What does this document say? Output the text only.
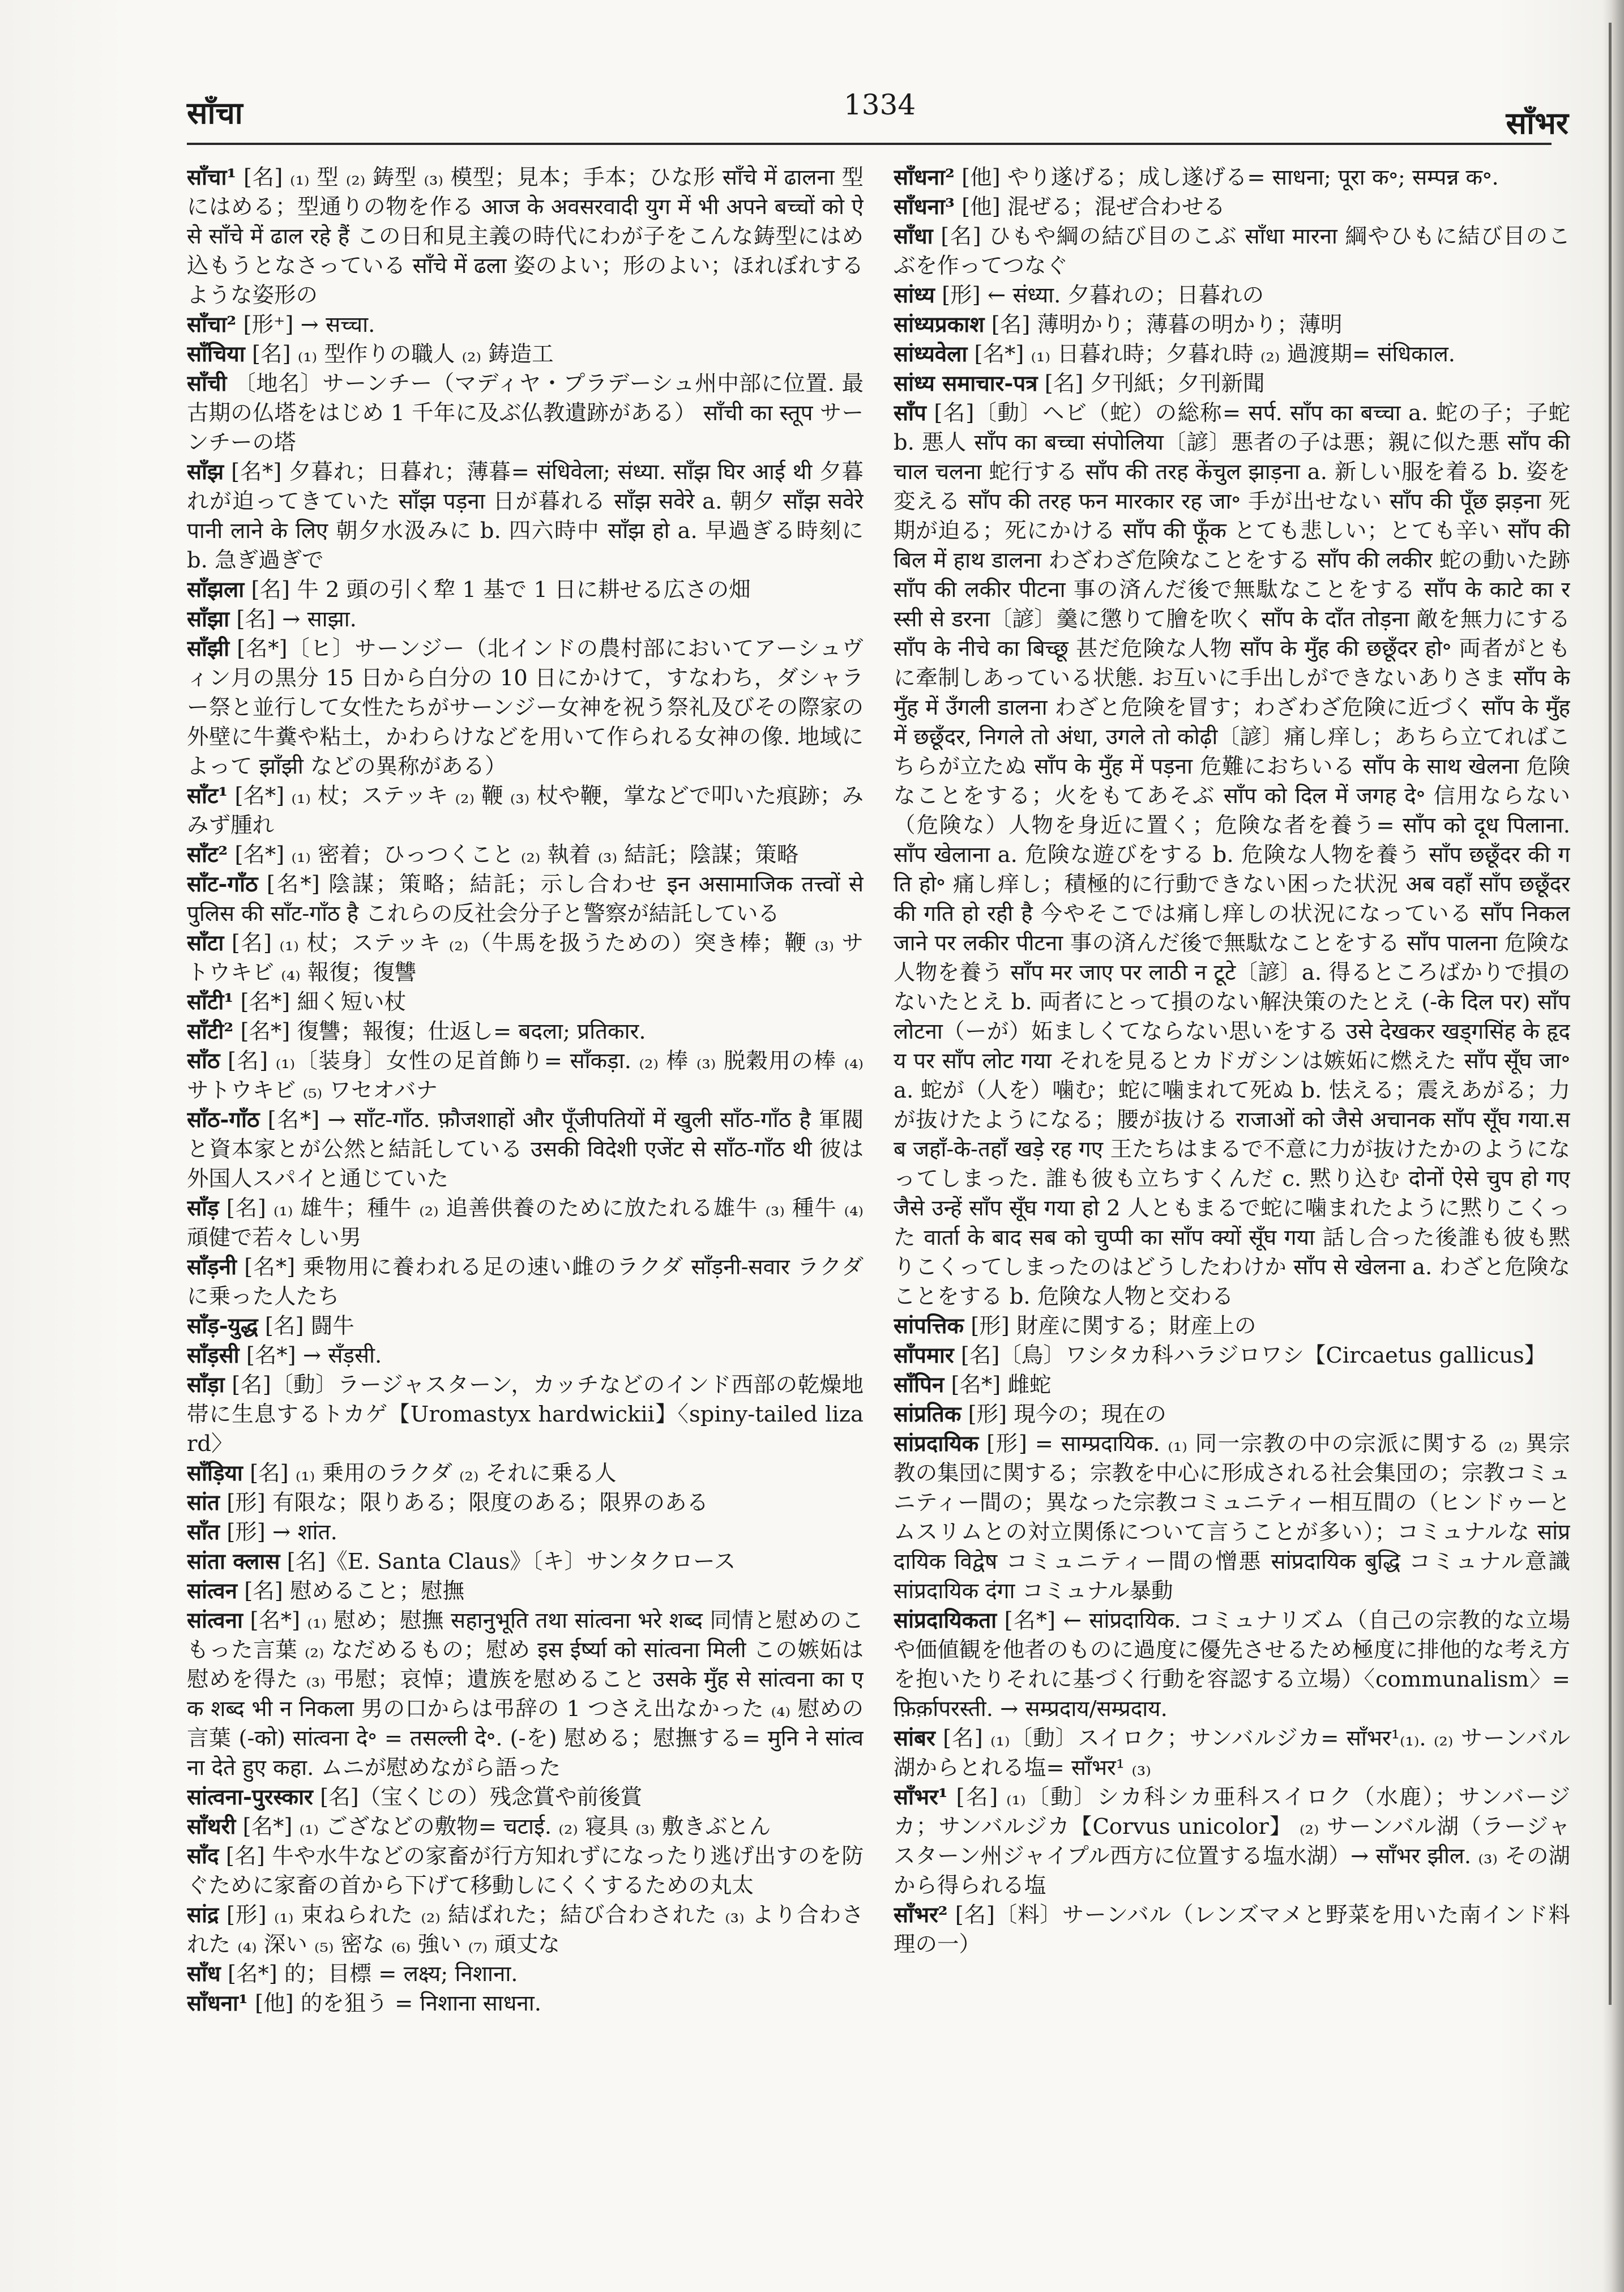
साँचा	1334	साँभर
साँचा¹ [名] ₍₁₎ 型 ₍₂₎ 鋳型 ₍₃₎ 模型；見本；手本；ひな形 साँचे में ढालना 型にはめる；型通りの物を作る आज के अवसरवादी युग में भी अपने बच्चों को ऐसे साँचे में ढाल रहे हैं この日和見主義の時代にわが子をこんな鋳型にはめ込もうとなさっている साँचे में ढला 姿のよい；形のよい；ほれぼれするような姿形の
साँचा² [形⁺] → सच्चा.
साँचिया [名] ₍₁₎ 型作りの職人 ₍₂₎ 鋳造工
साँची 〔地名〕サーンチー（マディヤ・プラデーシュ州中部に位置. 最古期の仏塔をはじめ 1 千年に及ぶ仏教遺跡がある） साँची का स्तूप サーンチーの塔
साँझ [名*] 夕暮れ；日暮れ；薄暮= संधिवेला; संध्या. साँझ घिर आई थी 夕暮れが迫ってきていた साँझ पड़ना 日が暮れる साँझ सवेरे a. 朝夕 साँझ सवेरे पानी लाने के लिए 朝夕水汲みに b. 四六時中 साँझ हो a. 早過ぎる時刻に b. 急ぎ過ぎで
साँझला [名] 牛 2 頭の引く犂 1 基で 1 日に耕せる広さの畑
साँझा [名] → साझा.
साँझी [名*]〔ヒ〕サーンジー（北インドの農村部においてアーシュヴィン月の黒分 15 日から白分の 10 日にかけて，すなわち，ダシャラー祭と並行して女性たちがサーンジー女神を祝う祭礼及びその際家の外壁に牛糞や粘土，かわらけなどを用いて作られる女神の像. 地域によって झाँझी などの異称がある）
साँट¹ [名*] ₍₁₎ 杖；ステッキ ₍₂₎ 鞭 ₍₃₎ 杖や鞭，掌などで叩いた痕跡；みみず腫れ
साँट² [名*] ₍₁₎ 密着；ひっつくこと ₍₂₎ 執着 ₍₃₎ 結託；陰謀；策略
साँट-गाँठ [名*] 陰謀；策略；結託；示し合わせ इन असामाजिक तत्त्वों से पुलिस की साँट-गाँठ है これらの反社会分子と警察が結託している
साँटा [名] ₍₁₎ 杖；ステッキ ₍₂₎（牛馬を扱うための）突き棒；鞭 ₍₃₎ サトウキビ ₍₄₎ 報復；復讐
साँटी¹ [名*] 細く短い杖
साँटी² [名*] 復讐；報復；仕返し= बदला; प्रतिकार.
साँठ [名] ₍₁₎〔装身〕女性の足首飾り= साँकड़ा. ₍₂₎ 棒 ₍₃₎ 脱穀用の棒 ₍₄₎ サトウキビ ₍₅₎ ワセオバナ
साँठ-गाँठ [名*] → साँट-गाँठ. फ़ौजशाहों और पूँजीपतियों में खुली साँठ-गाँठ है 軍閥と資本家とが公然と結託している उसकी विदेशी एजेंट से साँठ-गाँठ थी 彼は外国人スパイと通じていた
साँड़ [名] ₍₁₎ 雄牛；種牛 ₍₂₎ 追善供養のために放たれる雄牛 ₍₃₎ 種牛 ₍₄₎ 頑健で若々しい男
साँड़नी [名*] 乗物用に養われる足の速い雌のラクダ साँड़नी-सवार ラクダに乗った人たち
साँड़-युद्ध [名] 闘牛
साँड़सी [名*] → सँड़सी.
साँड़ा [名]〔動〕ラージャスターン，カッチなどのインド西部の乾燥地帯に生息するトカゲ【Uromastyx hardwickii】〈spiny-tailed lizard〉
साँड़िया [名] ₍₁₎ 乗用のラクダ ₍₂₎ それに乗る人
सांत [形] 有限な；限りある；限度のある；限界のある
साँत [形] → शांत.
सांता क्लास [名]《E. Santa Claus》〔キ〕サンタクロース
सांत्वन [名] 慰めること；慰撫
सांत्वना [名*] ₍₁₎ 慰め；慰撫 सहानुभूति तथा सांत्वना भरे शब्द 同情と慰めのこもった言葉 ₍₂₎ なだめるもの；慰め इस ईर्ष्या को सांत्वना मिली この嫉妬は慰めを得た ₍₃₎ 弔慰；哀悼；遺族を慰めること उसके मुँह से सांत्वना का एक शब्द भी न निकला 男の口からは弔辞の 1 つさえ出なかった ₍₄₎ 慰めの言葉 (-को) सांत्वना दे॰ = तसल्ली दे॰. (-を) 慰める；慰撫する= मुनि ने सांत्वना देते हुए कहा. ムニが慰めながら語った
सांत्वना-पुरस्कार [名]（宝くじの）残念賞や前後賞
साँथरी [名*] ₍₁₎ ござなどの敷物= चटाई. ₍₂₎ 寝具 ₍₃₎ 敷きぶとん
साँद [名] 牛や水牛などの家畜が行方知れずになったり逃げ出すのを防ぐために家畜の首から下げて移動しにくくするための丸太
सांद्र [形] ₍₁₎ 束ねられた ₍₂₎ 結ばれた；結び合わされた ₍₃₎ より合わされた ₍₄₎ 深い ₍₅₎ 密な ₍₆₎ 強い ₍₇₎ 頑丈な
साँध [名*] 的；目標 = लक्ष्य; निशाना.
साँधना¹ [他] 的を狙う = निशाना साधना.
साँधना² [他] やり遂げる；成し遂げる= साधना; पूरा क॰; सम्पन्न क॰.
साँधना³ [他] 混ぜる；混ぜ合わせる
साँधा [名] ひもや綱の結び目のこぶ साँधा मारना 綱やひもに結び目のこぶを作ってつなぐ
सांध्य [形] ← संध्या. 夕暮れの；日暮れの
सांध्यप्रकाश [名] 薄明かり；薄暮の明かり；薄明
सांध्यवेला [名*] ₍₁₎ 日暮れ時；夕暮れ時 ₍₂₎ 過渡期= संधिकाल.
सांध्य समाचार-पत्र [名] 夕刊紙；夕刊新聞
साँप [名]〔動〕ヘビ（蛇）の総称= सर्प. साँप का बच्चा a. 蛇の子；子蛇 b. 悪人 साँप का बच्चा संपोलिया〔諺〕悪者の子は悪；親に似た悪 साँप की चाल चलना 蛇行する साँप की तरह केंचुल झाड़ना a. 新しい服を着る b. 姿を変える साँप की तरह फन मारकार रह जा॰ 手が出せない साँप की पूँछ झड़ना 死期が迫る；死にかける साँप की फूँक とても悲しい；とても辛い साँप की बिल में हाथ डालना わざわざ危険なことをする साँप की लकीर 蛇の動いた跡 साँप की लकीर पीटना 事の済んだ後で無駄なことをする साँप के काटे का रस्सी से डरना〔諺〕羹に懲りて膾を吹く साँप के दाँत तोड़ना 敵を無力にする साँप के नीचे का बिच्छू 甚だ危険な人物 साँप के मुँह की छछूँदर हो॰ 両者がともに牽制しあっている状態. お互いに手出しができないありさま साँप के मुँह में उँगली डालना わざと危険を冒す；わざわざ危険に近づく साँप के मुँह में छछूँदर, निगले तो अंधा, उगले तो कोढ़ी〔諺〕痛し痒し；あちら立てればこちらが立たぬ साँप के मुँह में पड़ना 危難におちいる साँप के साथ खेलना 危険なことをする；火をもてあそぶ साँप को दिल में जगह दे॰ 信用ならない（危険な）人物を身近に置く；危険な者を養う= साँप को दूध पिलाना. साँप खेलाना a. 危険な遊びをする b. 危険な人物を養う साँप छछूँदर की गति हो॰ 痛し痒し；積極的に行動できない困った状況 अब वहाँ साँप छछूँदर की गति हो रही है 今やそこでは痛し痒しの状況になっている साँप निकल जाने पर लकीर पीटना 事の済んだ後で無駄なことをする साँप पालना 危険な人物を養う साँप मर जाए पर लाठी न टूटे〔諺〕a. 得るところばかりで損のないたとえ b. 両者にとって損のない解決策のたとえ (-के दिल पर) साँप लोटना（ーが）妬ましくてならない思いをする उसे देखकर खड्गसिंह के हृदय पर साँप लोट गया それを見るとカドガシンは嫉妬に燃えた साँप सूँघ जा॰ a. 蛇が（人を）噛む；蛇に噛まれて死ぬ b. 怯える；震えあがる；力が抜けたようになる；腰が抜ける राजाओं को जैसे अचानक साँप सूँघ गया.सब जहाँ-के-तहाँ खड़े रह गए 王たちはまるで不意に力が抜けたかのようになってしまった. 誰も彼も立ちすくんだ c. 黙り込む दोनों ऐसे चुप हो गए जैसे उन्हें साँप सूँघ गया हो 2 人ともまるで蛇に噛まれたように黙りこくった वार्ता के बाद सब को चुप्पी का साँप क्यों सूँघ गया 話し合った後誰も彼も黙りこくってしまったのはどうしたわけか साँप से खेलना a. わざと危険なことをする b. 危険な人物と交わる
सांपत्तिक [形] 財産に関する；財産上の
साँपमार [名]〔鳥〕ワシタカ科ハラジロワシ【Circaetus gallicus】
साँपिन [名*] 雌蛇
सांप्रतिक [形] 現今の；現在の
सांप्रदायिक [形] = साम्प्रदायिक. ₍₁₎ 同一宗教の中の宗派に関する ₍₂₎ 異宗教の集団に関する；宗教を中心に形成される社会集団の；宗教コミュニティー間の；異なった宗教コミュニティー相互間の（ヒンドゥーとムスリムとの対立関係について言うことが多い）；コミュナルな सांप्रदायिक विद्वेष コミュニティー間の憎悪 सांप्रदायिक बुद्धि コミュナル意識 सांप्रदायिक दंगा コミュナル暴動
सांप्रदायिकता [名*] ← सांप्रदायिक. コミュナリズム（自己の宗教的な立場や価値観を他者のものに過度に優先させるため極度に排他的な考え方を抱いたりそれに基づく行動を容認する立場）〈communalism〉= फ़िर्क़ापरस्ती. → सम्प्रदाय/सम्प्रदाय.
सांबर [名] ₍₁₎〔動〕スイロク；サンバルジカ= साँभर¹₍₁₎. ₍₂₎ サーンバル湖からとれる塩= साँभर¹ ₍₃₎
साँभर¹ [名] ₍₁₎〔動〕シカ科シカ亜科スイロク（水鹿）；サンバージカ；サンバルジカ【Corvus unicolor】 ₍₂₎ サーンバル湖（ラージャスターン州ジャイプル西方に位置する塩水湖）→ साँभर झील. ₍₃₎ その湖から得られる塩
साँभर² [名]〔料〕サーンバル（レンズマメと野菜を用いた南インド料理の一）
